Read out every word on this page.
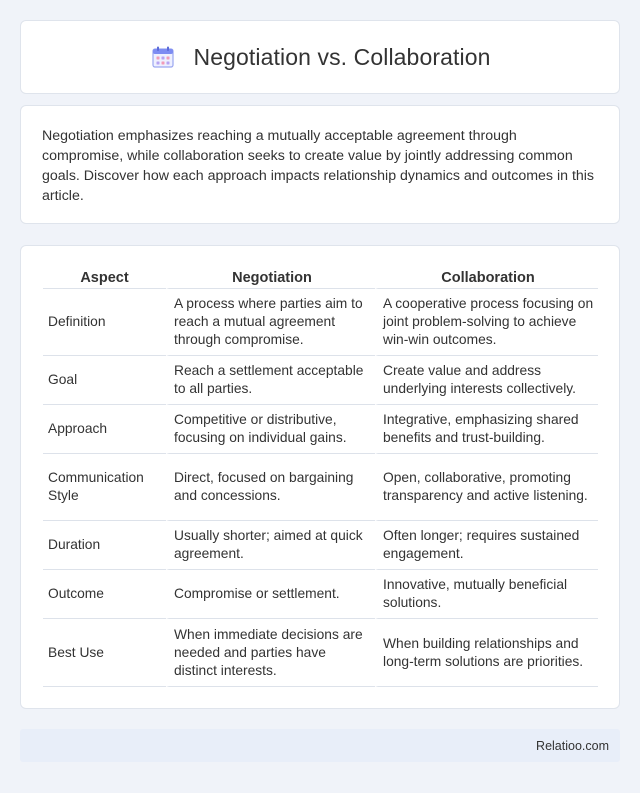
Negotiation vs. Collaboration

Negotiation emphasizes reaching a mutually acceptable agreement through compromise, while collaboration seeks to create value by jointly addressing common goals. Discover how each approach impacts relationship dynamics and outcomes in this article.

Aspect	Negotiation	Collaboration
Definition	A process where parties aim to reach a mutual agreement through compromise.	A cooperative process focusing on joint problem-solving to achieve win-win outcomes.
Goal	Reach a settlement acceptable to all parties.	Create value and address underlying interests collectively.
Approach	Competitive or distributive, focusing on individual gains.	Integrative, emphasizing shared benefits and trust-building.
Communication Style	Direct, focused on bargaining and concessions.	Open, collaborative, promoting transparency and active listening.
Duration	Usually shorter; aimed at quick agreement.	Often longer; requires sustained engagement.
Outcome	Compromise or settlement.	Innovative, mutually beneficial solutions.
Best Use	When immediate decisions are needed and parties have distinct interests.	When building relationships and long-term solutions are priorities.
Relatioo.com
